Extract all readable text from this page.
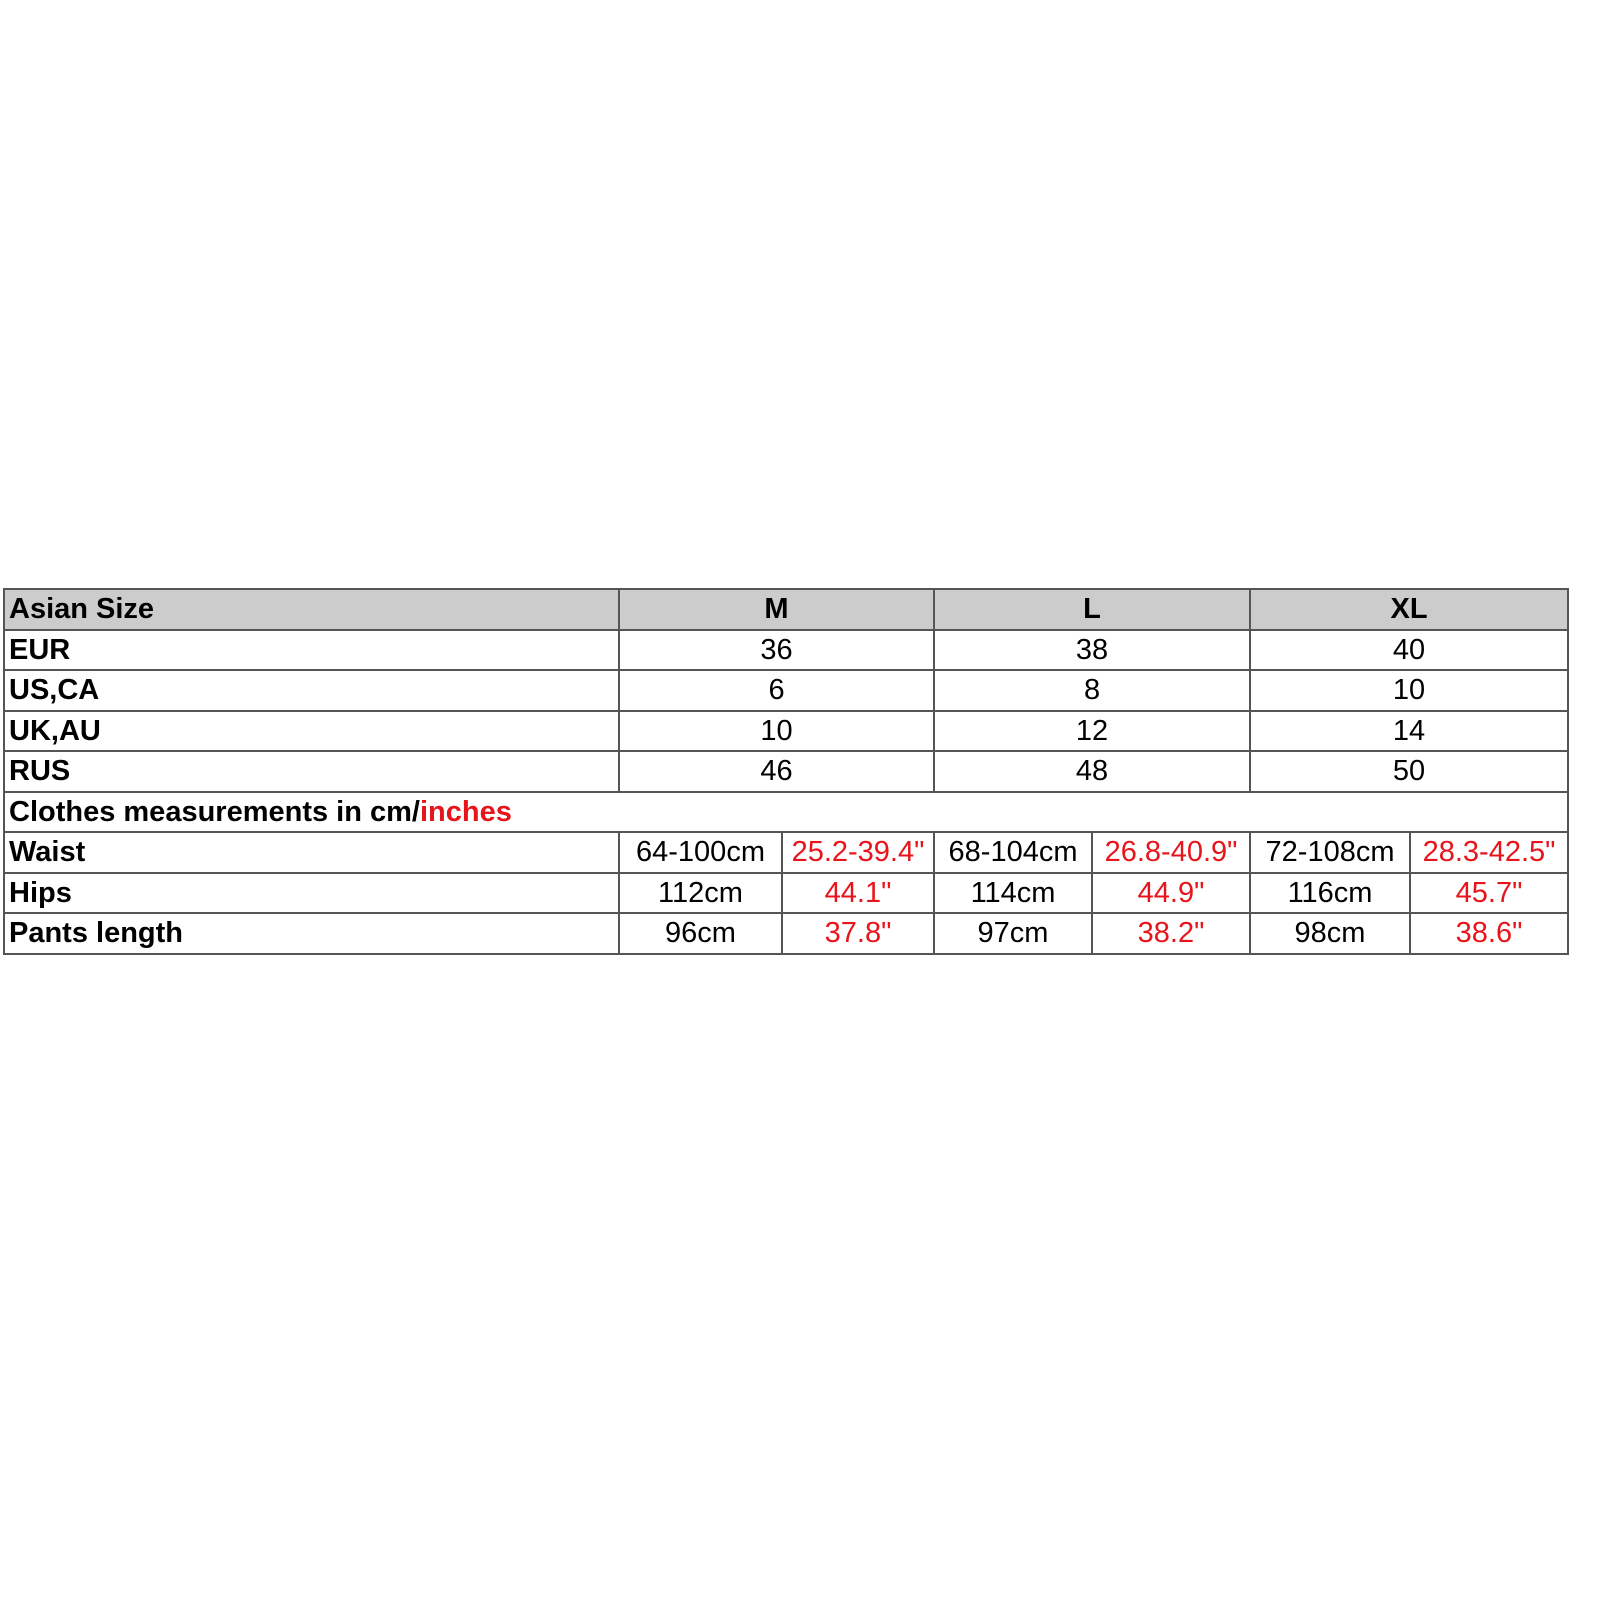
Asian Size	M		L		XL	
EUR	36		38		40	
US,CA	6		8		10	
UK,AU	10		12		14	
RUS	46		48		50	
Clothes measurements in cm/inches						
Waist	64-100cm	25.2-39.4"	68-104cm	26.8-40.9"	72-108cm	28.3-42.5"
Hips	112cm	44.1"	114cm	44.9"	116cm	45.7"
Pants length	96cm	37.8"	97cm	38.2"	98cm	38.6"
